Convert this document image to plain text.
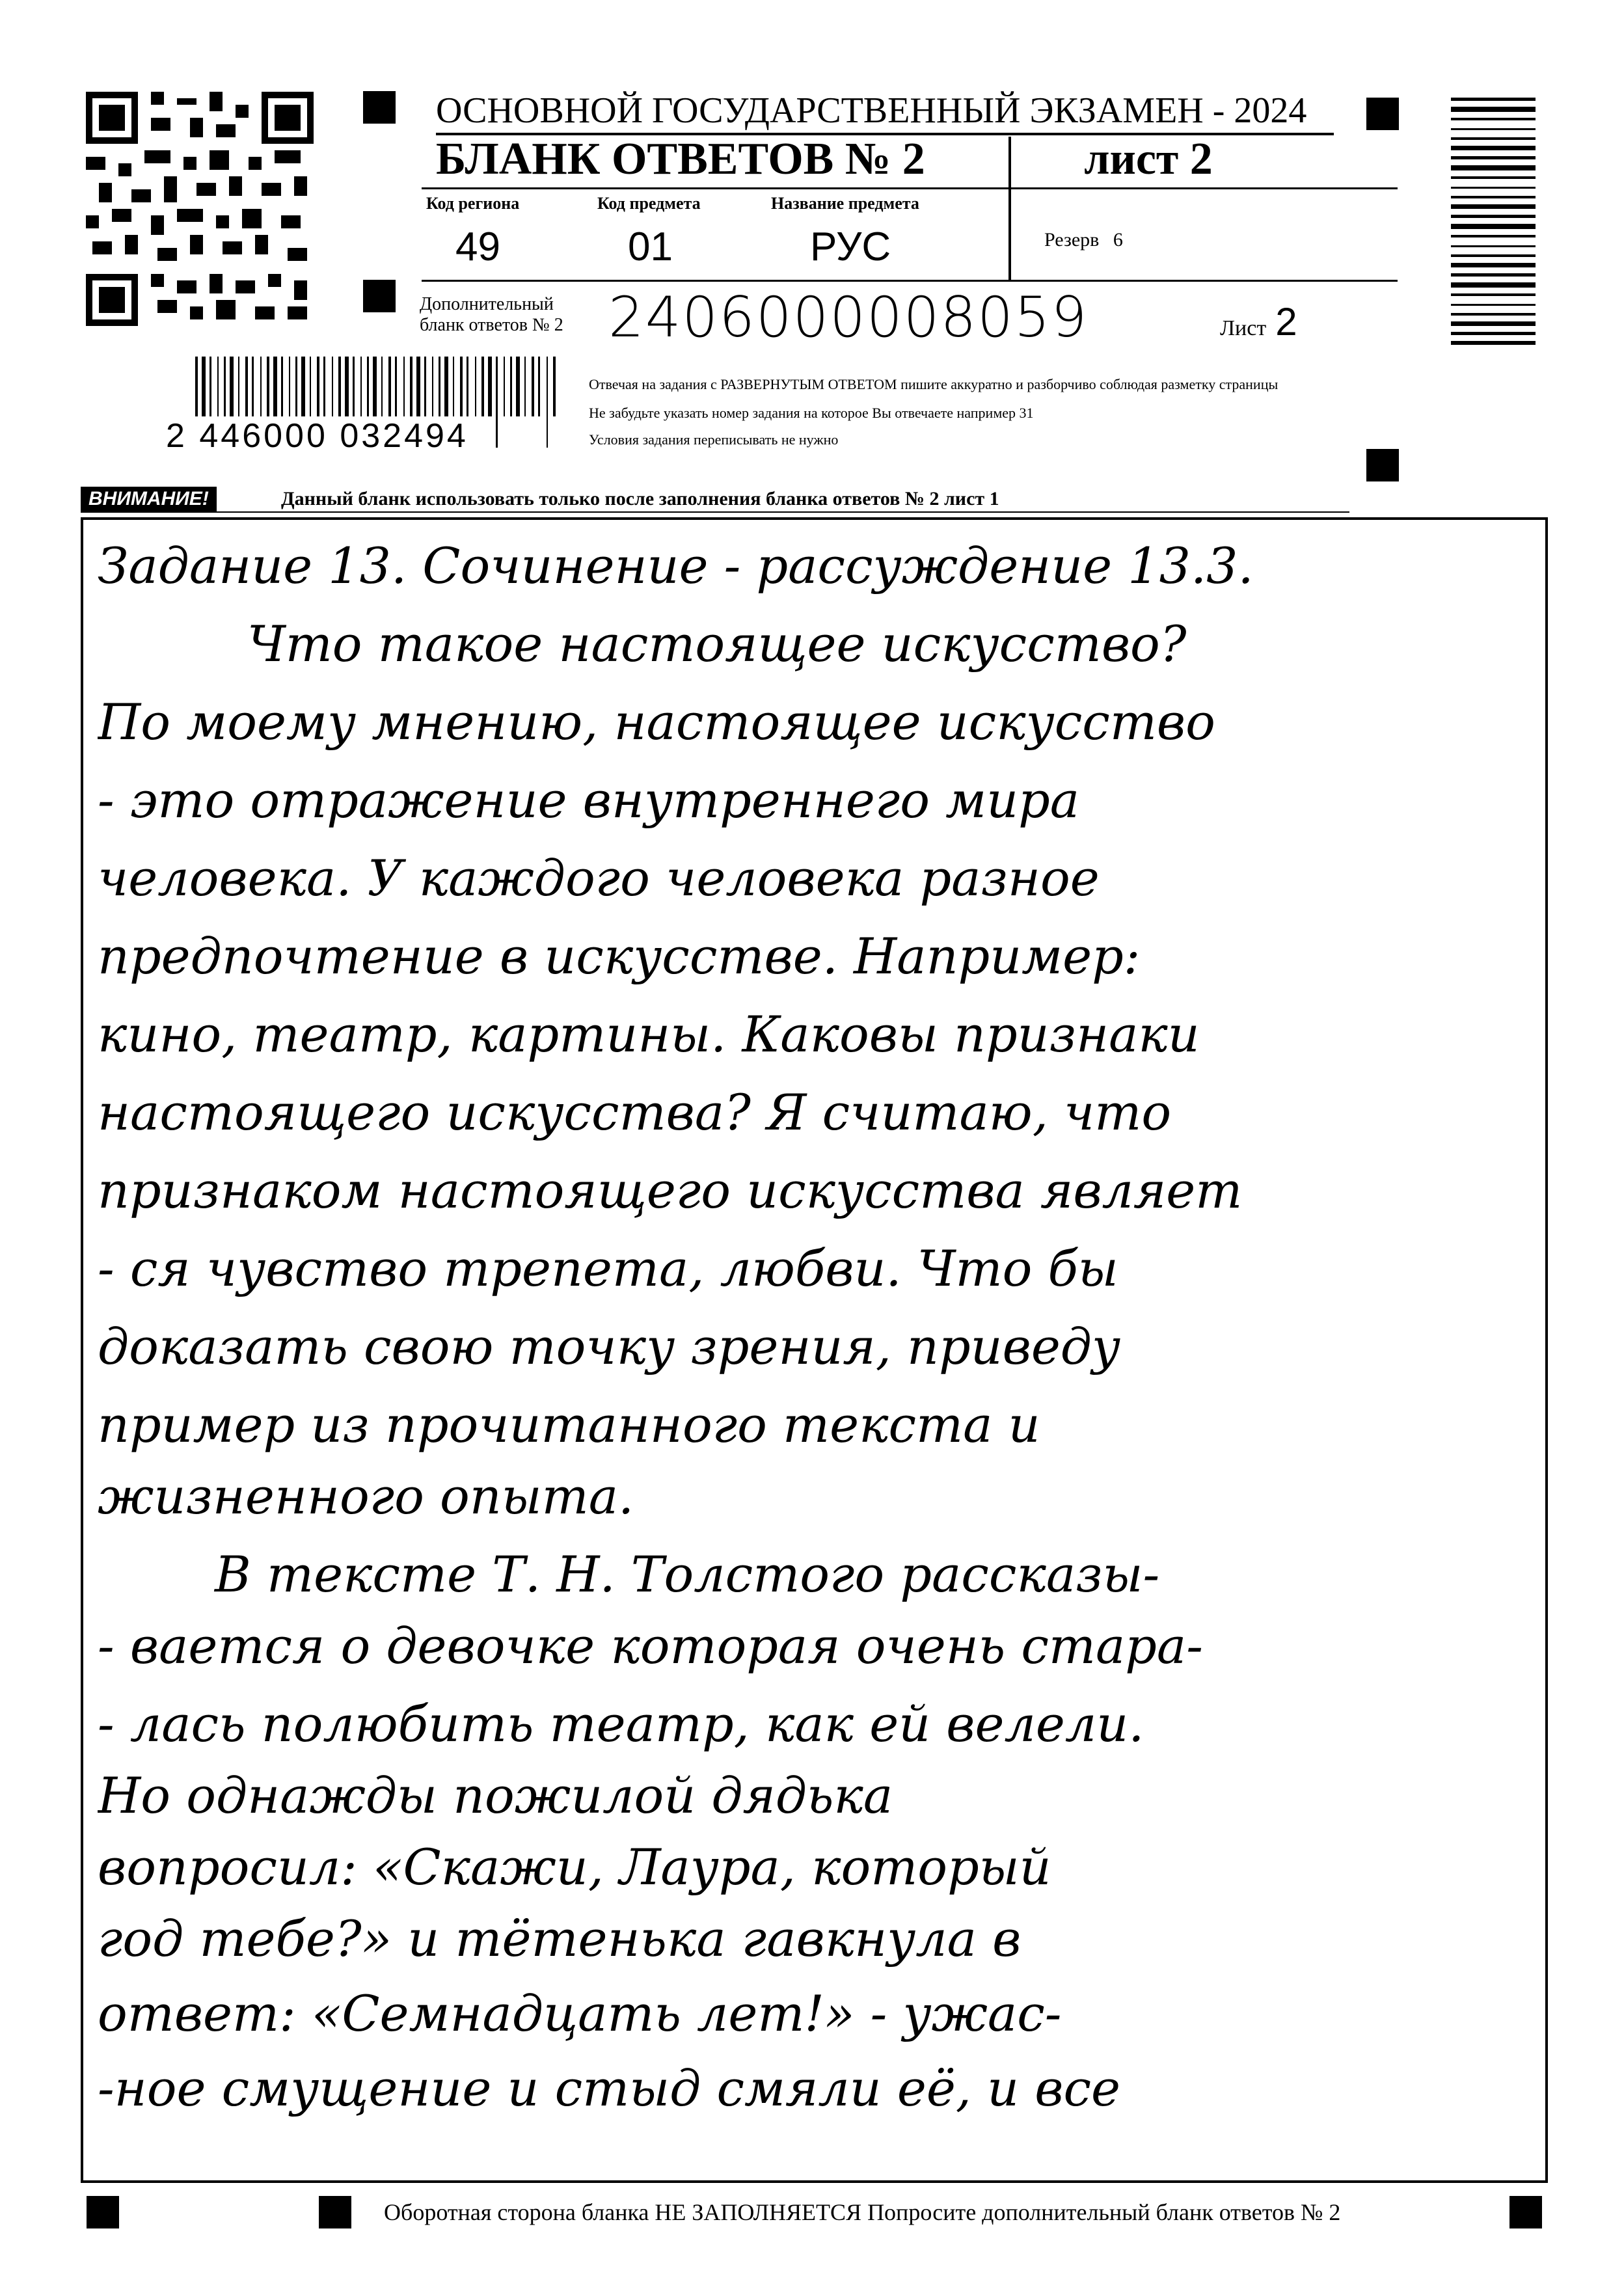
ОСНОВНОЙ ГОСУДАРСТВЕННЫЙ ЭКЗАМЕН - 2024
БЛАНК ОТВЕТОВ № 2	лист 2
Код региона
49
Код предмета
01
Название предмета
РУС	Резерв 6
Дополнительный
бланк ответов № 2 2406000008059	Лист 2
2 446000 032494
Отвечая на задания с РАЗВЕРНУТЫМ ОТВЕТОМ пишите аккуратно и разборчиво соблюдая разметку страницы
Не забудьте указать номер задания на которое Вы отвечаете например 31
Условия задания переписывать не нужно
ВНИМАНИЕ!	Данный бланк использовать только после заполнения бланка ответов № 2 лист 1
Задание 13. Сочинение - рассуждение 13.3.
Что такое настоящее искусство?
По моему мнению, настоящее искусство
- это отражение внутреннего мира
человека. У каждого человека разное
предпочтение в искусстве. Например:
кино, театр, картины. Каковы признаки
настоящего искусства? Я считаю, что
признаком настоящего искусства являет
- ся чувство трепета, любви. Что бы
доказать свою точку зрения, приведу
пример из прочитанного текста и
жизненного опыта.
В тексте Т. Н. Толстого рассказы-
- вается о девочке которая очень стара-
- лась полюбить театр, как ей велели.
Но однажды пожилой дядька
вопросил: «Скажи, Лаура, который
год тебе?» и тётенька гавкнула в
ответ: «Семнадцать лет!» - ужас-
-ное смущение и стыд смяли её, и все
Оборотная сторона бланка НЕ ЗАПОЛНЯЕТСЯ Попросите дополнительный бланк ответов № 2
